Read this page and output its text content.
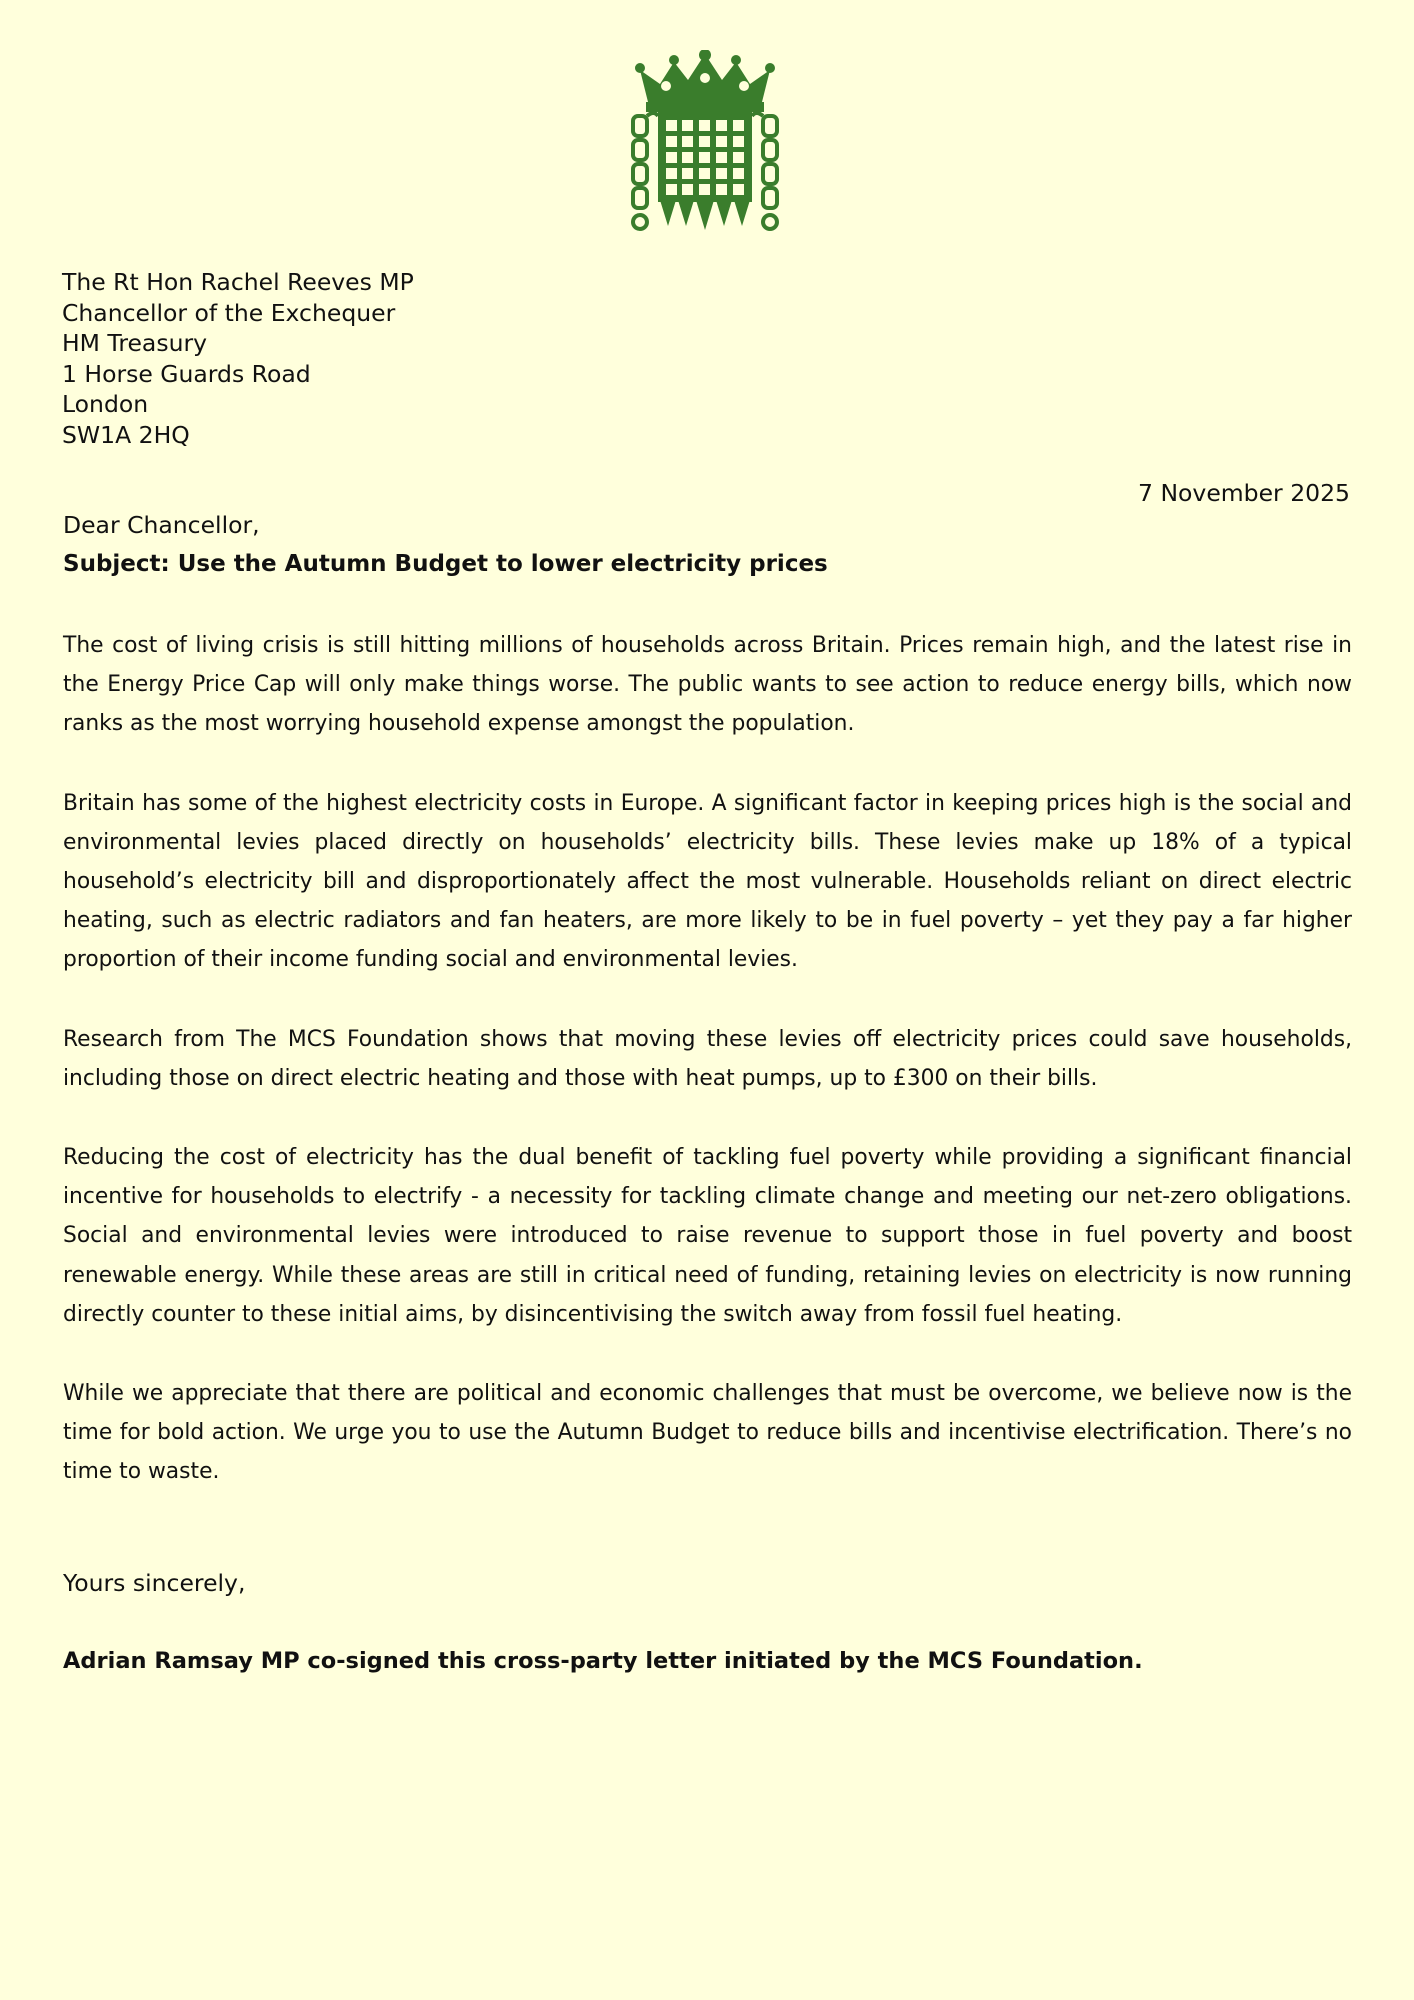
The Rt Hon Rachel Reeves MP
Chancellor of the Exchequer
HM Treasury
1 Horse Guards Road
London
SW1A 2HQ
7 November 2025
Dear Chancellor,
Subject: Use the Autumn Budget to lower electricity prices

The cost of living crisis is still hitting millions of households across Britain. Prices remain high, and the latest rise in the Energy Price Cap will only make things worse. The public wants to see action to reduce energy bills, which now ranks as the most worrying household expense amongst the population.

Britain has some of the highest electricity costs in Europe. A significant factor in keeping prices high is the social and environmental levies placed directly on households’ electricity bills. These levies make up 18% of a typical household’s electricity bill and disproportionately affect the most vulnerable. Households reliant on direct electric heating, such as electric radiators and fan heaters, are more likely to be in fuel poverty – yet they pay a far higher proportion of their income funding social and environmental levies.

Research from The MCS Foundation shows that moving these levies off electricity prices could save households, including those on direct electric heating and those with heat pumps, up to £300 on their bills.

Reducing the cost of electricity has the dual benefit of tackling fuel poverty while providing a significant financial incentive for households to electrify - a necessity for tackling climate change and meeting our net-zero obligations. Social and environmental levies were introduced to raise revenue to support those in fuel poverty and boost renewable energy. While these areas are still in critical need of funding, retaining levies on electricity is now running directly counter to these initial aims, by disincentivising the switch away from fossil fuel heating.

While we appreciate that there are political and economic challenges that must be overcome, we believe now is the time for bold action. We urge you to use the Autumn Budget to reduce bills and incentivise electrification. There’s no time to waste.

Yours sincerely,
Adrian Ramsay MP co-signed this cross-party letter initiated by the MCS Foundation.
